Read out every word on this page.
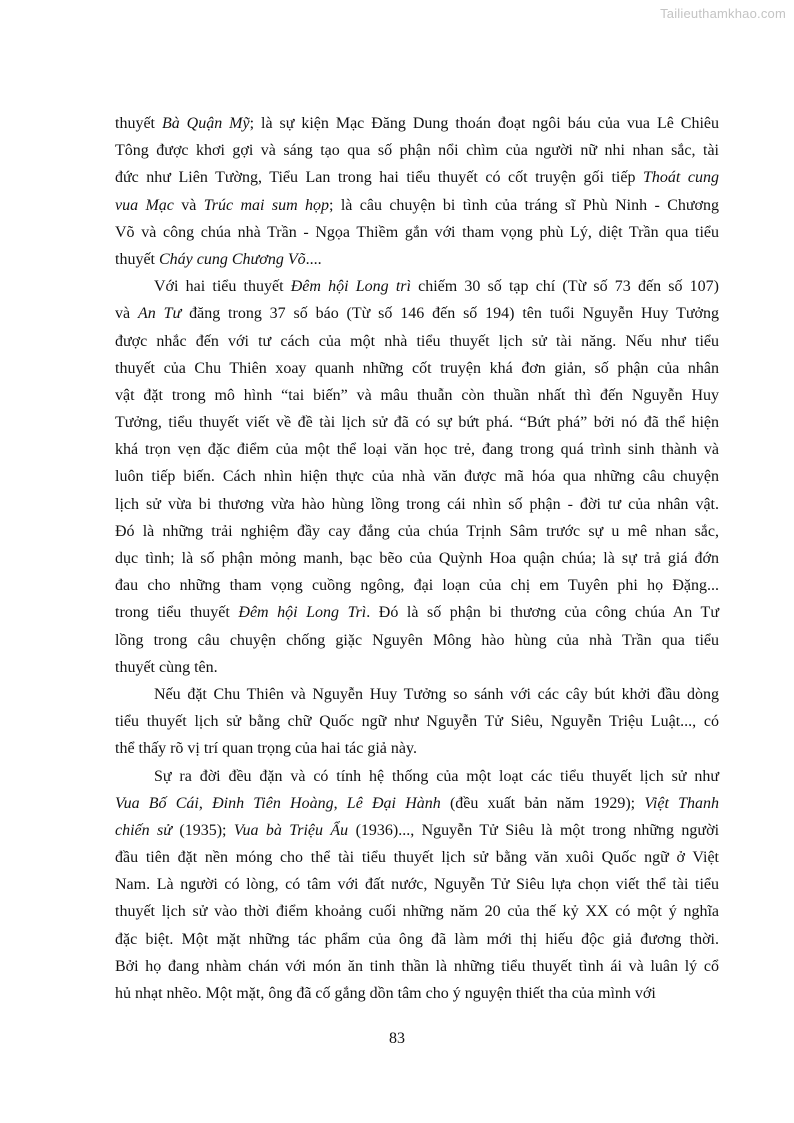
Tailieuthamkhao.com
thuyết Bà Quận Mỹ; là sự kiện Mạc Đăng Dung thoán đoạt ngôi báu của vua Lê Chiêu
Tông được khơi gợi và sáng tạo qua số phận nổi chìm của người nữ nhi nhan sắc, tài
đức như Liên Tường, Tiểu Lan trong hai tiểu thuyết có cốt truyện gối tiếp Thoát cung
vua Mạc và Trúc mai sum họp; là câu chuyện bi tình của tráng sĩ Phù Ninh - Chương
Võ và công chúa nhà Trần - Ngọa Thiềm gắn với tham vọng phù Lý, diệt Trần qua tiểu
thuyết Cháy cung Chương Võ....
Với hai tiểu thuyết Đêm hội Long trì chiếm 30 số tạp chí (Từ số 73 đến số 107)
và An Tư đăng trong 37 số báo (Từ số 146 đến số 194) tên tuổi Nguyễn Huy Tưởng
được nhắc đến với tư cách của một nhà tiểu thuyết lịch sử tài năng. Nếu như tiểu
thuyết của Chu Thiên xoay quanh những cốt truyện khá đơn giản, số phận của nhân
vật đặt trong mô hình “tai biến” và mâu thuẫn còn thuần nhất thì đến Nguyễn Huy
Tưởng, tiểu thuyết viết về đề tài lịch sử đã có sự bứt phá. “Bứt phá” bởi nó đã thể hiện
khá trọn vẹn đặc điểm của một thể loại văn học trẻ, đang trong quá trình sinh thành và
luôn tiếp biến. Cách nhìn hiện thực của nhà văn được mã hóa qua những câu chuyện
lịch sử vừa bi thương vừa hào hùng lồng trong cái nhìn số phận - đời tư của nhân vật.
Đó là những trải nghiệm đầy cay đắng của chúa Trịnh Sâm trước sự u mê nhan sắc,
dục tình; là số phận mỏng manh, bạc bẽo của Quỳnh Hoa quận chúa; là sự trả giá đớn
đau cho những tham vọng cuồng ngông, đại loạn của chị em Tuyên phi họ Đặng...
trong tiểu thuyết Đêm hội Long Trì. Đó là số phận bi thương của công chúa An Tư
lồng trong câu chuyện chống giặc Nguyên Mông hào hùng của nhà Trần qua tiểu
thuyết cùng tên.
Nếu đặt Chu Thiên và Nguyễn Huy Tưởng so sánh với các cây bút khởi đầu dòng
tiểu thuyết lịch sử bằng chữ Quốc ngữ như Nguyễn Tử Siêu, Nguyễn Triệu Luật..., có
thể thấy rõ vị trí quan trọng của hai tác giả này.
Sự ra đời đều đặn và có tính hệ thống của một loạt các tiểu thuyết lịch sử như
Vua Bố Cái, Đinh Tiên Hoàng, Lê Đại Hành (đều xuất bản năm 1929); Việt Thanh
chiến sử (1935); Vua bà Triệu Ẩu (1936)..., Nguyễn Tử Siêu là một trong những người
đầu tiên đặt nền móng cho thể tài tiểu thuyết lịch sử bằng văn xuôi Quốc ngữ ở Việt
Nam. Là người có lòng, có tâm với đất nước, Nguyễn Tử Siêu lựa chọn viết thể tài tiểu
thuyết lịch sử vào thời điểm khoảng cuối những năm 20 của thế kỷ XX có một ý nghĩa
đặc biệt. Một mặt những tác phẩm của ông đã làm mới thị hiếu độc giả đương thời.
Bởi họ đang nhàm chán với món ăn tinh thần là những tiểu thuyết tình ái và luân lý cổ
hủ nhạt nhẽo. Một mặt, ông đã cố gắng dồn tâm cho ý nguyện thiết tha của mình với
83
